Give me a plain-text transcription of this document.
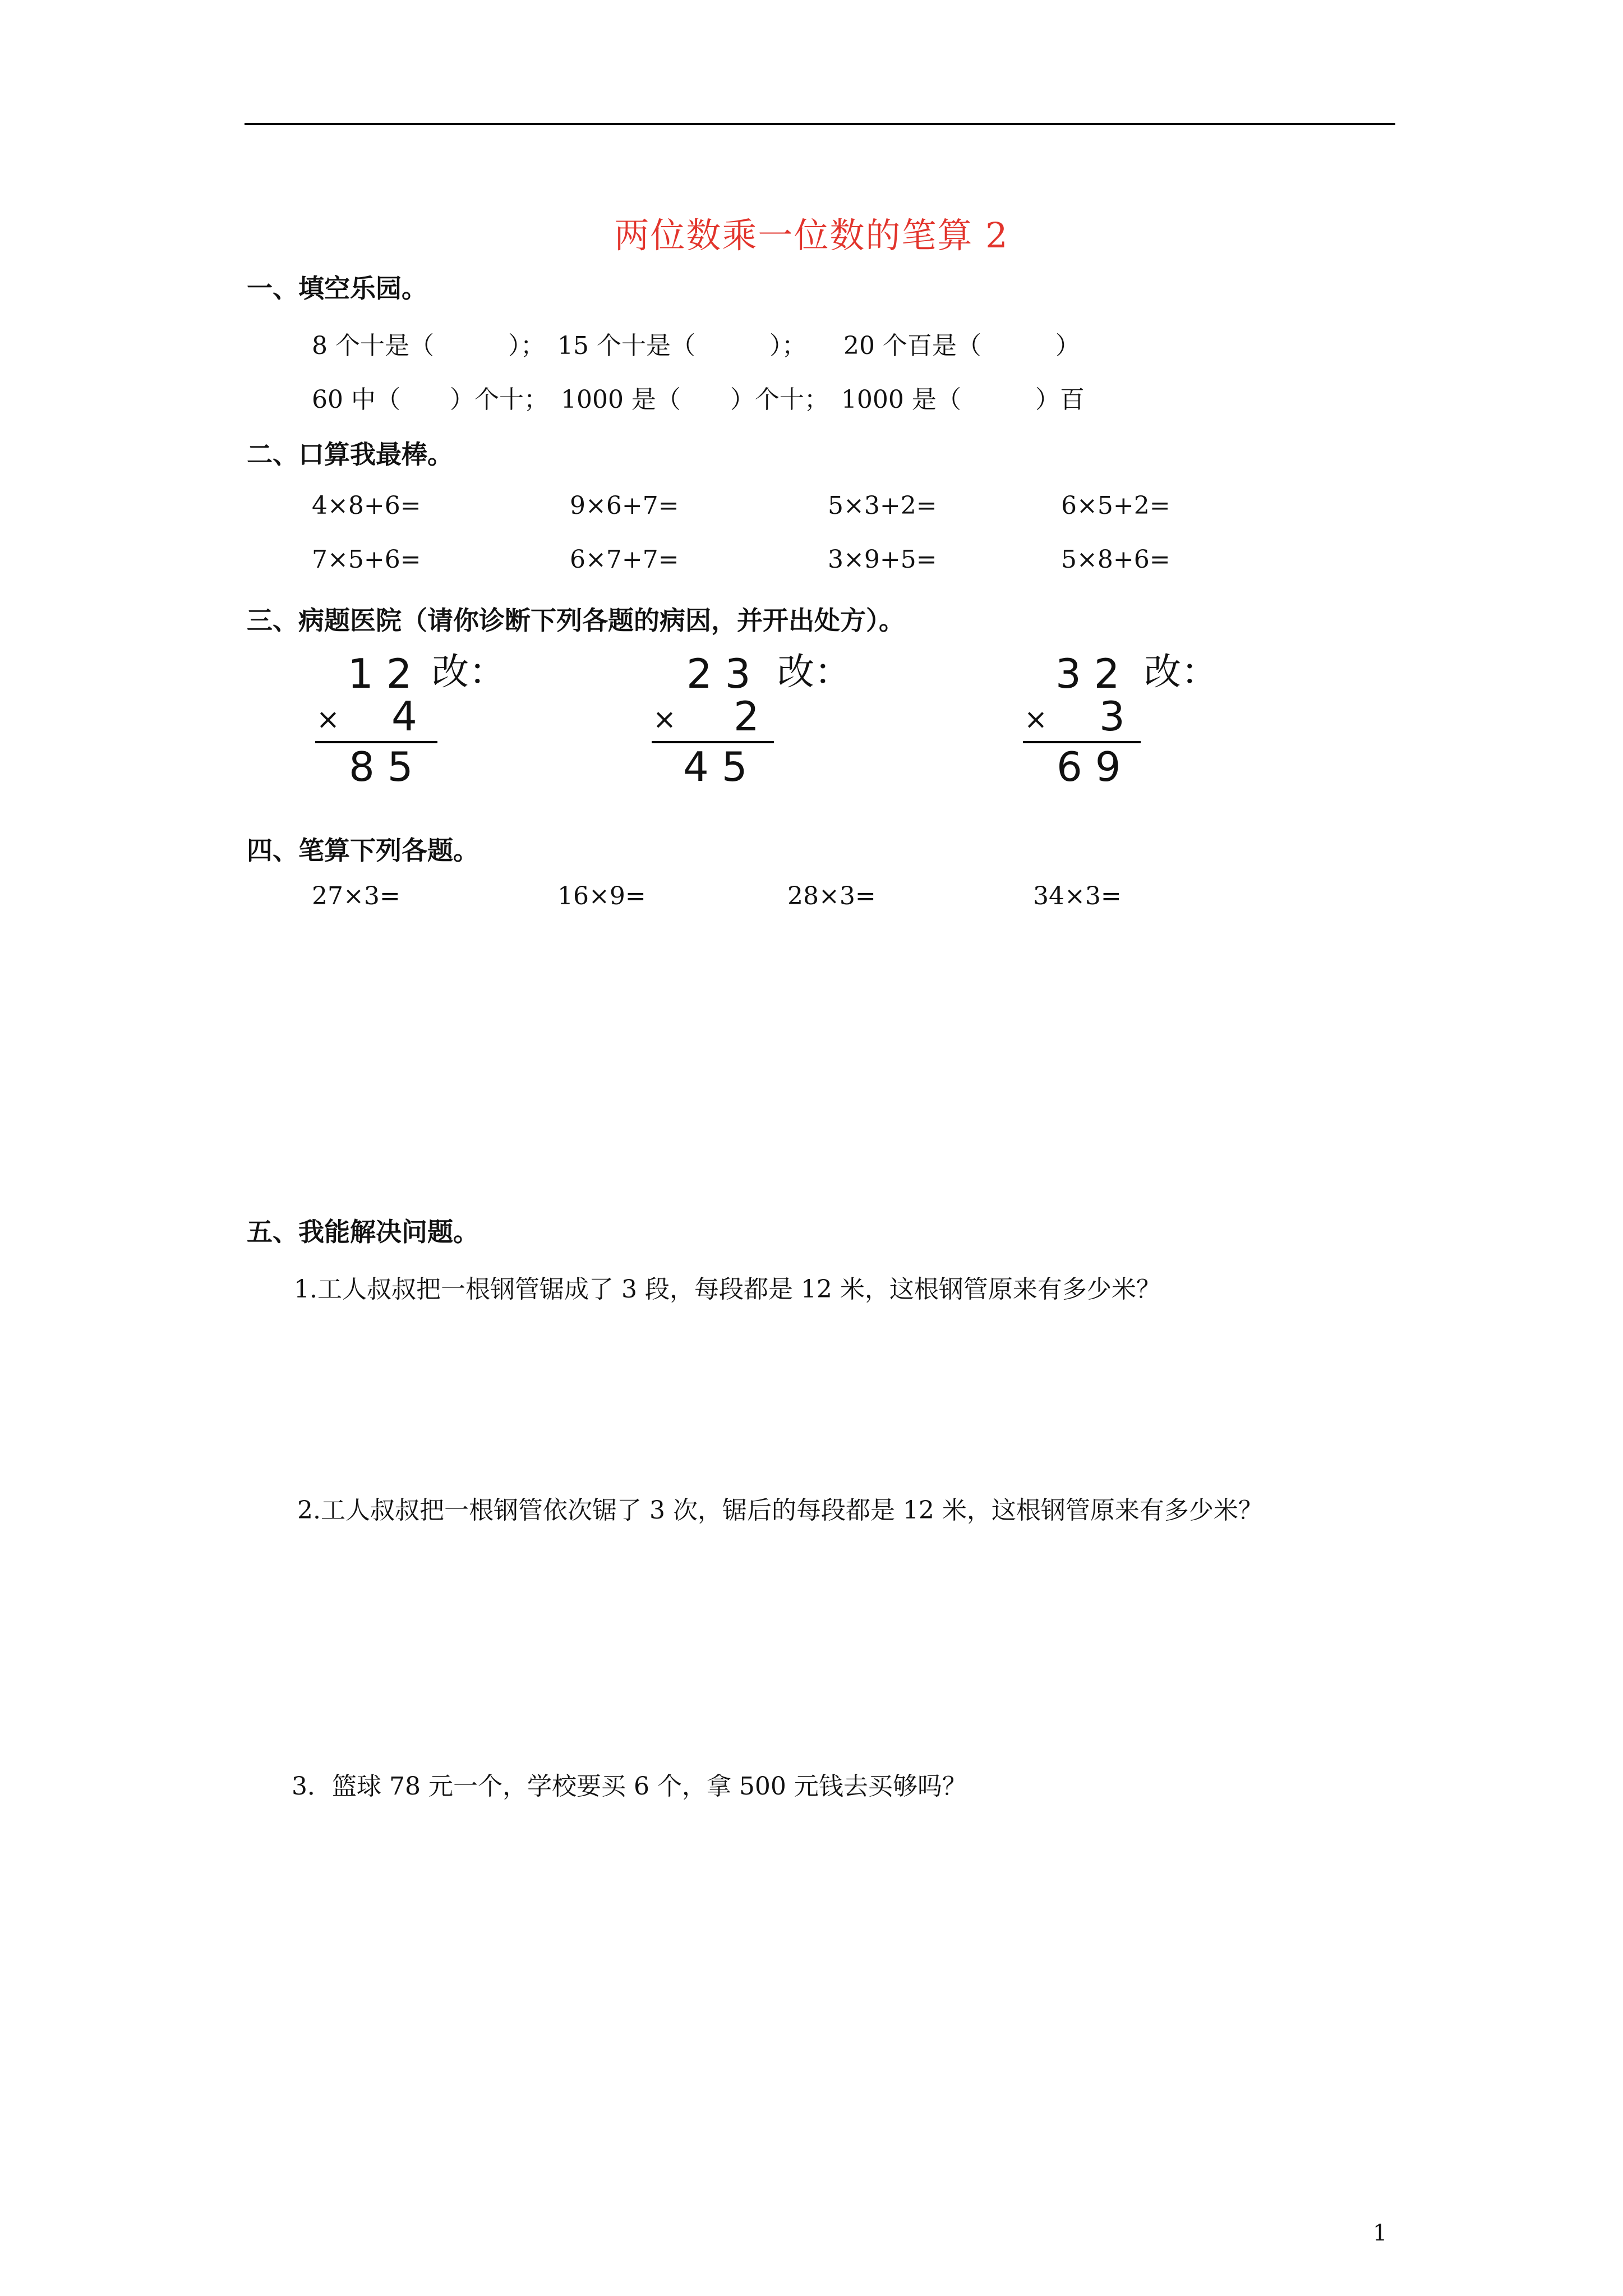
两位数乘一位数的笔算 2
一、填空乐园。
8 个十是（　　　）；　15 个十是（　　　）；　　20 个百是（　　　）
60 中（　　）个十；　1000 是（　　）个十；　1000 是（　　　）百
二、口算我最棒。
4×8+6=	9×6+7=	5×3+2=	6×5+2=
7×5+6=	6×7+7=	3×9+5=	5×8+6=
三、病题医院（请你诊断下列各题的病因，并开出处方）。
1 2 改：
× 4
8 5
2 3 改：
× 2
4 5
3 2 改：
× 3
6 9
四、笔算下列各题。
27×3=	16×9=	28×3=	34×3=
五、我能解决问题。
1.工人叔叔把一根钢管锯成了 3 段，每段都是 12 米，这根钢管原来有多少米？
2.工人叔叔把一根钢管依次锯了 3 次，锯后的每段都是 12 米，这根钢管原来有多少米？
3．篮球 78 元一个，学校要买 6 个，拿 500 元钱去买够吗？
1
